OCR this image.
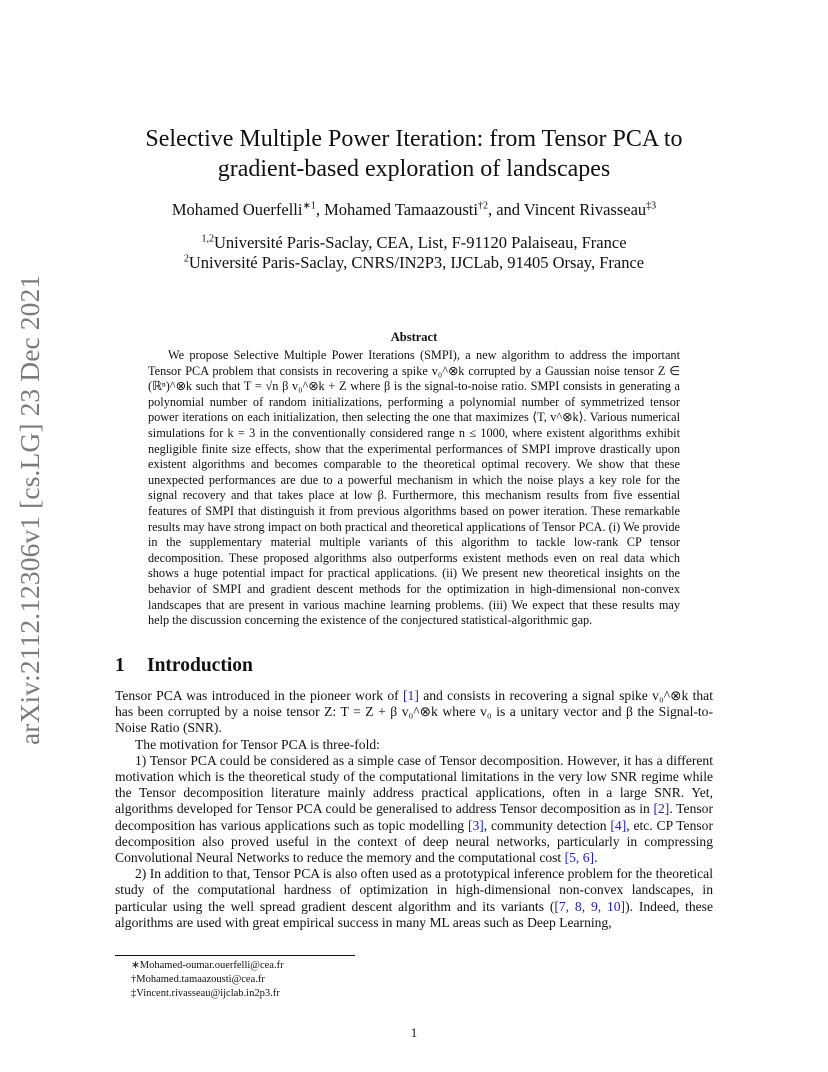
arXiv:2112.12306v1 [cs.LG] 23 Dec 2021
Selective Multiple Power Iteration: from Tensor PCA to
gradient-based exploration of landscapes
Mohamed Ouerfelli$^{∗1}$, Mohamed Tamaazousti$^{\dagger 2}$, and Vincent Rivasseau$^{\ddagger 3}$
$^{1,2}$Université Paris-Saclay, CEA, List, F-91120 Palaiseau, France
$^2$Université Paris-Saclay, CNRS/IN2P3, IJCLab, 91405 Orsay, France
Abstract
We propose Selective Multiple Power Iterations (SMPI), a new algorithm to address the important Tensor PCA problem that consists in recovering a spike v₀^⊗k corrupted by a Gaussian noise tensor Z ∈ (ℝⁿ)^⊗k such that T = √n β v₀^⊗k + Z where β is the signal-to-noise ratio. SMPI consists in generating a polynomial number of random initializations, performing a polynomial number of symmetrized tensor power iterations on each initialization, then selecting the one that maximizes ⟨T, v^⊗k⟩. Various numerical simulations for k = 3 in the conventionally considered range n ≤ 1000, where existent algorithms exhibit negligible finite size effects, show that the experimental performances of SMPI improve drastically upon existent algorithms and becomes comparable to the theoretical optimal recovery. We show that these unexpected performances are due to a powerful mechanism in which the noise plays a key role for the signal recovery and that takes place at low β. Furthermore, this mechanism results from five essential features of SMPI that distinguish it from previous algorithms based on power iteration. These remarkable results may have strong impact on both practical and theoretical applications of Tensor PCA. (i) We provide in the supplementary material multiple variants of this algorithm to tackle low-rank CP tensor decomposition. These proposed algorithms also outperforms existent methods even on real data which shows a huge potential impact for practical applications. (ii) We present new theoretical insights on the behavior of SMPI and gradient descent methods for the optimization in high-dimensional non-convex landscapes that are present in various machine learning problems. (iii) We expect that these results may help the discussion concerning the existence of the conjectured statistical-algorithmic gap.
1 Introduction

Tensor PCA was introduced in the pioneer work of [1] and consists in recovering a signal spike v₀^⊗k that has been corrupted by a noise tensor Z: T = Z + β v₀^⊗k where v₀ is a unitary vector and β the Signal-to-Noise Ratio (SNR).

The motivation for Tensor PCA is three-fold:

1) Tensor PCA could be considered as a simple case of Tensor decomposition. However, it has a different motivation which is the theoretical study of the computational limitations in the very low SNR regime while the Tensor decomposition literature mainly address practical applications, often in a large SNR. Yet, algorithms developed for Tensor PCA could be generalised to address Tensor decomposition as in [2]. Tensor decomposition has various applications such as topic modelling [3], community detection [4], etc. CP Tensor decomposition also proved useful in the context of deep neural networks, particularly in compressing Convolutional Neural Networks to reduce the memory and the computational cost [5, 6].

2) In addition to that, Tensor PCA is also often used as a prototypical inference problem for the theoretical study of the computational hardness of optimization in high-dimensional non-convex landscapes, in particular using the well spread gradient descent algorithm and its variants ([7, 8, 9, 10]). Indeed, these algorithms are used with great empirical success in many ML areas such as Deep Learning,

∗Mohamed-oumar.ouerfelli@cea.fr
†Mohamed.tamaazousti@cea.fr
‡Vincent.rivasseau@ijclab.in2p3.fr
1
